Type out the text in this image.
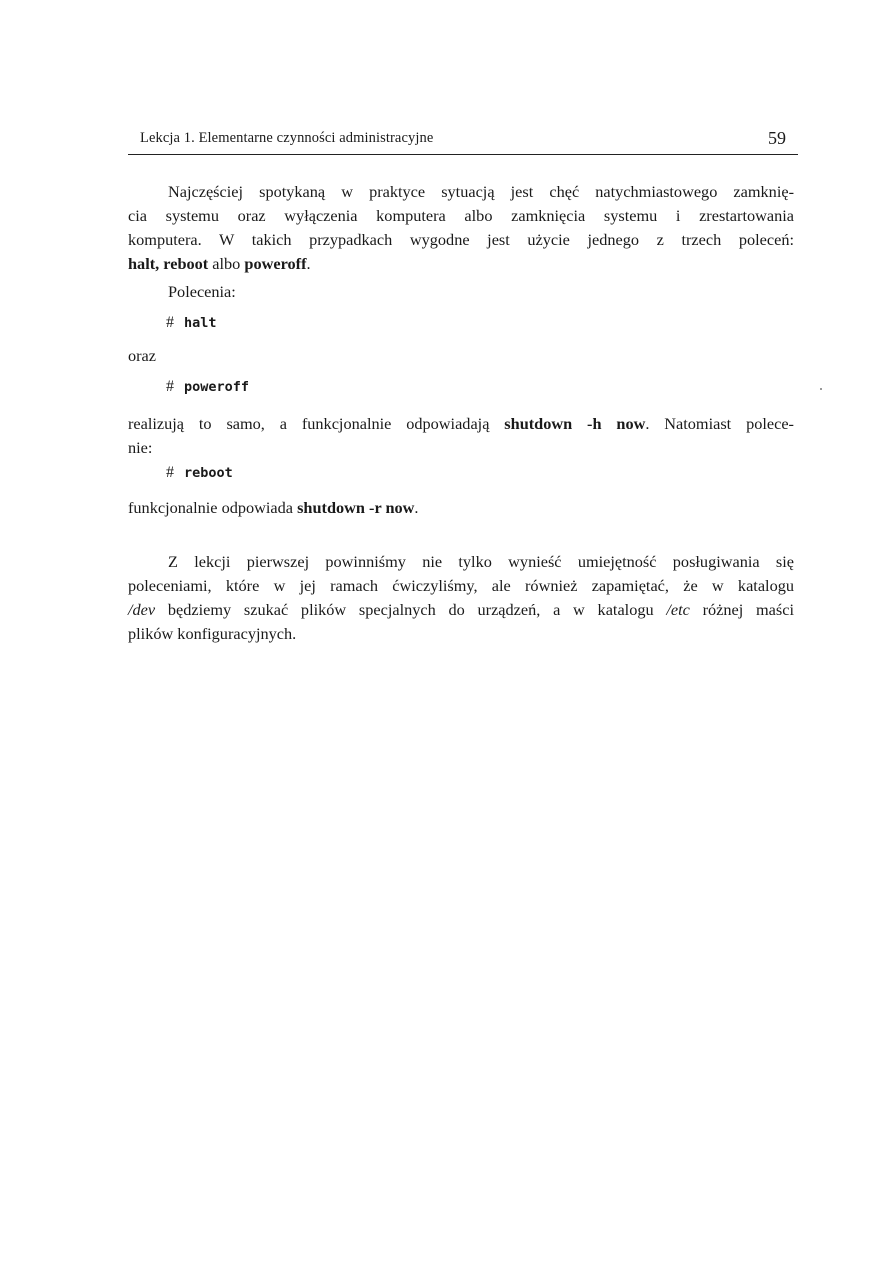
Lekcja 1. Elementarne czynności administracyjne	59
Najczęściej spotykaną w praktyce sytuacją jest chęć natychmiastowego zamknię-
cia systemu oraz wyłączenia komputera albo zamknięcia systemu i zrestartowania
komputera. W takich przypadkach wygodne jest użycie jednego z trzech poleceń:
halt, reboot albo poweroff.
Polecenia:
# halt
oraz
# poweroff
realizują to samo, a funkcjonalnie odpowiadają shutdown -h now. Natomiast polece-
nie:
# reboot
funkcjonalnie odpowiada shutdown -r now.
Z lekcji pierwszej powinniśmy nie tylko wynieść umiejętność posługiwania się
poleceniami, które w jej ramach ćwiczyliśmy, ale również zapamiętać, że w katalogu
/dev będziemy szukać plików specjalnych do urządzeń, a w katalogu /etc różnej maści
plików konfiguracyjnych.
